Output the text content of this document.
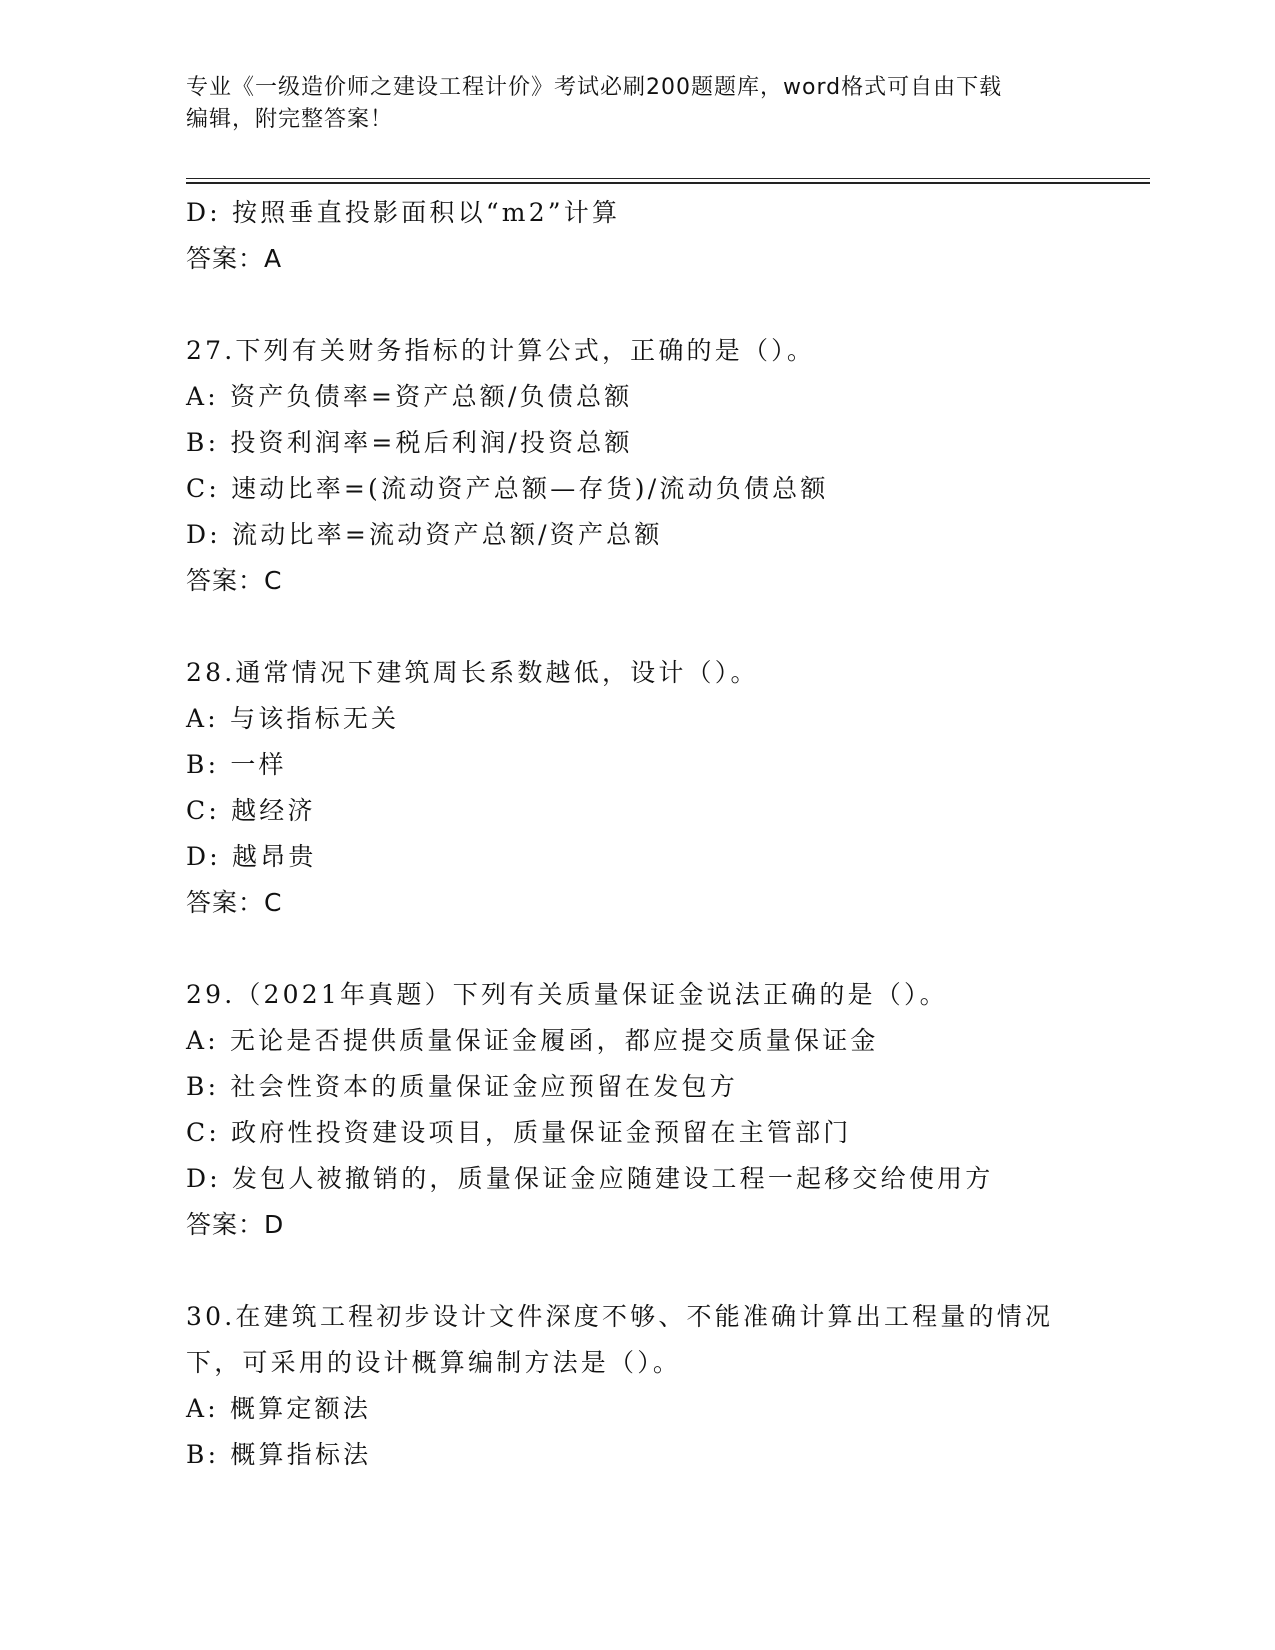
专业《一级造价师之建设工程计价》考试必刷200题题库，word格式可自由下载
编辑，附完整答案！
D: 按照垂直投影面积以“m2”计算
答案：A
27.下列有关财务指标的计算公式，正确的是（）。
A: 资产负债率=资产总额/负债总额
B: 投资利润率=税后利润/投资总额
C: 速动比率=(流动资产总额—存货)/流动负债总额
D: 流动比率=流动资产总额/资产总额
答案：C
28.通常情况下建筑周长系数越低，设计（）。
A: 与该指标无关
B: 一样
C: 越经济
D: 越昂贵
答案：C
29.（2021年真题）下列有关质量保证金说法正确的是（）。
A: 无论是否提供质量保证金履函，都应提交质量保证金
B: 社会性资本的质量保证金应预留在发包方
C: 政府性投资建设项目，质量保证金预留在主管部门
D: 发包人被撤销的，质量保证金应随建设工程一起移交给使用方
答案：D
30.在建筑工程初步设计文件深度不够、不能准确计算出工程量的情况下，可采用的设计概算编制方法是（）。
A: 概算定额法
B: 概算指标法
